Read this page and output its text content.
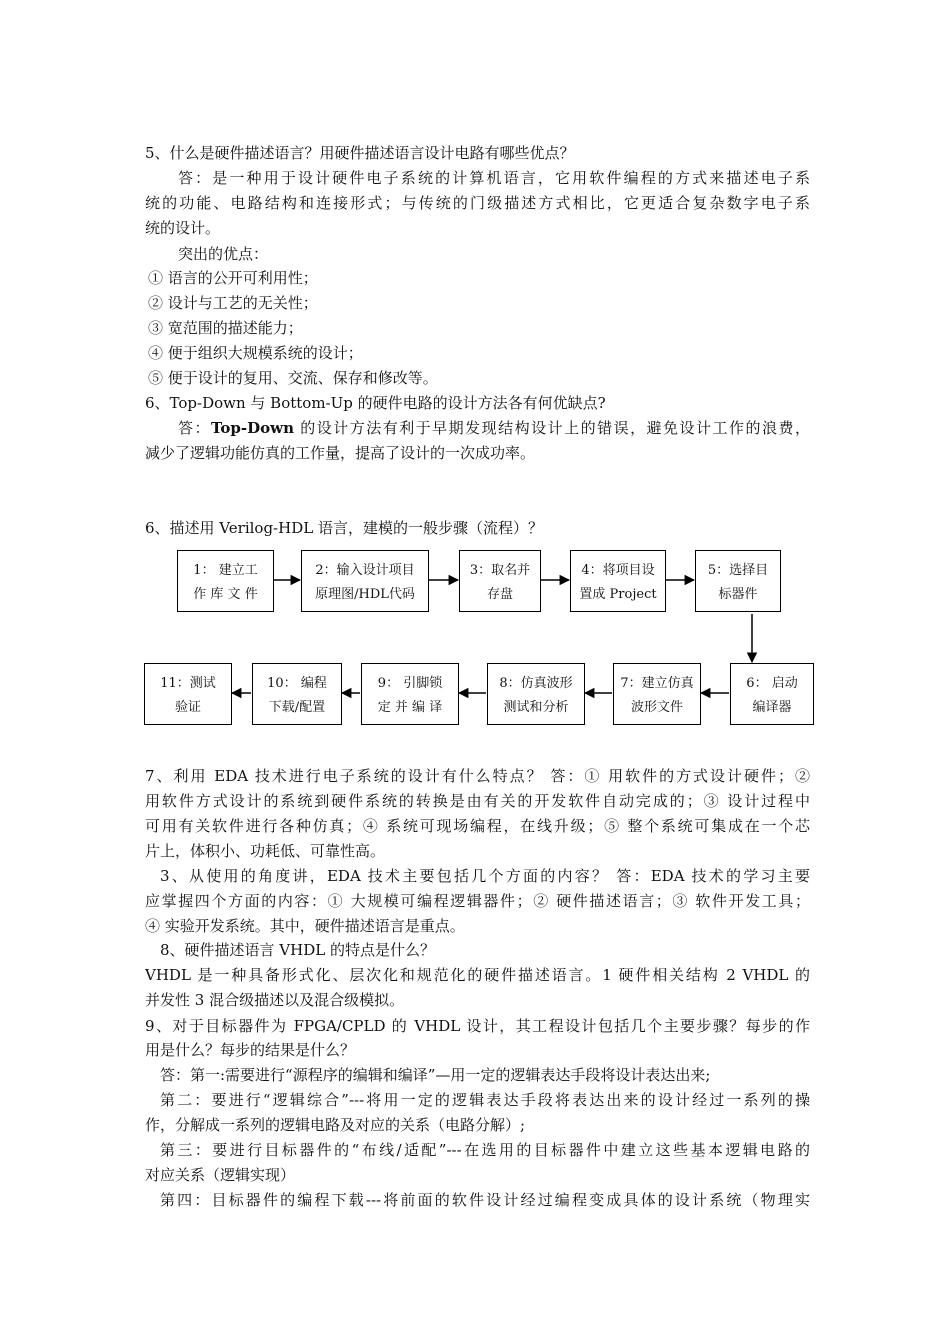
5、什么是硬件描述语言？用硬件描述语言设计电路有哪些优点？
答：是一种用于设计硬件电子系统的计算机语言，它用软件编程的方式来描述电子系
统的功能、电路结构和连接形式；与传统的门级描述方式相比，它更适合复杂数字电子系
统的设计。
突出的优点：
① 语言的公开可利用性；
② 设计与工艺的无关性；
③ 宽范围的描述能力；
④ 便于组织大规模系统的设计；
⑤ 便于设计的复用、交流、保存和修改等。
6、Top-Down 与 Bottom-Up 的硬件电路的设计方法各有何优缺点?
答：Top-Down 的设计方法有利于早期发现结构设计上的错误，避免设计工作的浪费，
减少了逻辑功能仿真的工作量，提高了设计的一次成功率。
6、描述用 Verilog-HDL 语言，建模的一般步骤（流程）？
1： 建立工
作 库 文 件
2：输入设计项目
原理图/HDL代码
3：取名并
存盘
4：将项目设
置成 Project
5：选择目
标器件
6： 启动
编译器
7：建立仿真
波形文件
8：仿真波形
测试和分析
9： 引脚锁
定 并 编 译
10： 编程
下载/配置
11：测试
验证
7、利用 EDA 技术进行电子系统的设计有什么特点？ 答：① 用软件的方式设计硬件；②
用软件方式设计的系统到硬件系统的转换是由有关的开发软件自动完成的；③ 设计过程中
可用有关软件进行各种仿真；④ 系统可现场编程，在线升级；⑤ 整个系统可集成在一个芯
片上，体积小、功耗低、可靠性高。
3、从使用的角度讲，EDA 技术主要包括几个方面的内容？ 答：EDA 技术的学习主要
应掌握四个方面的内容：① 大规模可编程逻辑器件；② 硬件描述语言；③ 软件开发工具；
④ 实验开发系统。其中，硬件描述语言是重点。
8、硬件描述语言 VHDL 的特点是什么？
VHDL 是一种具备形式化、层次化和规范化的硬件描述语言。1 硬件相关结构 2 VHDL 的
并发性 3 混合级描述以及混合级模拟。
9、对于目标器件为 FPGA/CPLD 的 VHDL 设计，其工程设计包括几个主要步骤？每步的作
用是什么？每步的结果是什么？
答：第一:需要进行“源程序的编辑和编译”—用一定的逻辑表达手段将设计表达出来;
第二：要进行“逻辑综合”---将用一定的逻辑表达手段将表达出来的设计经过一系列的操
作，分解成一系列的逻辑电路及对应的关系（电路分解）;
第三：要进行目标器件的“布线/适配”---在选用的目标器件中建立这些基本逻辑电路的
对应关系（逻辑实现）
第四：目标器件的编程下载---将前面的软件设计经过编程变成具体的设计系统（物理实
